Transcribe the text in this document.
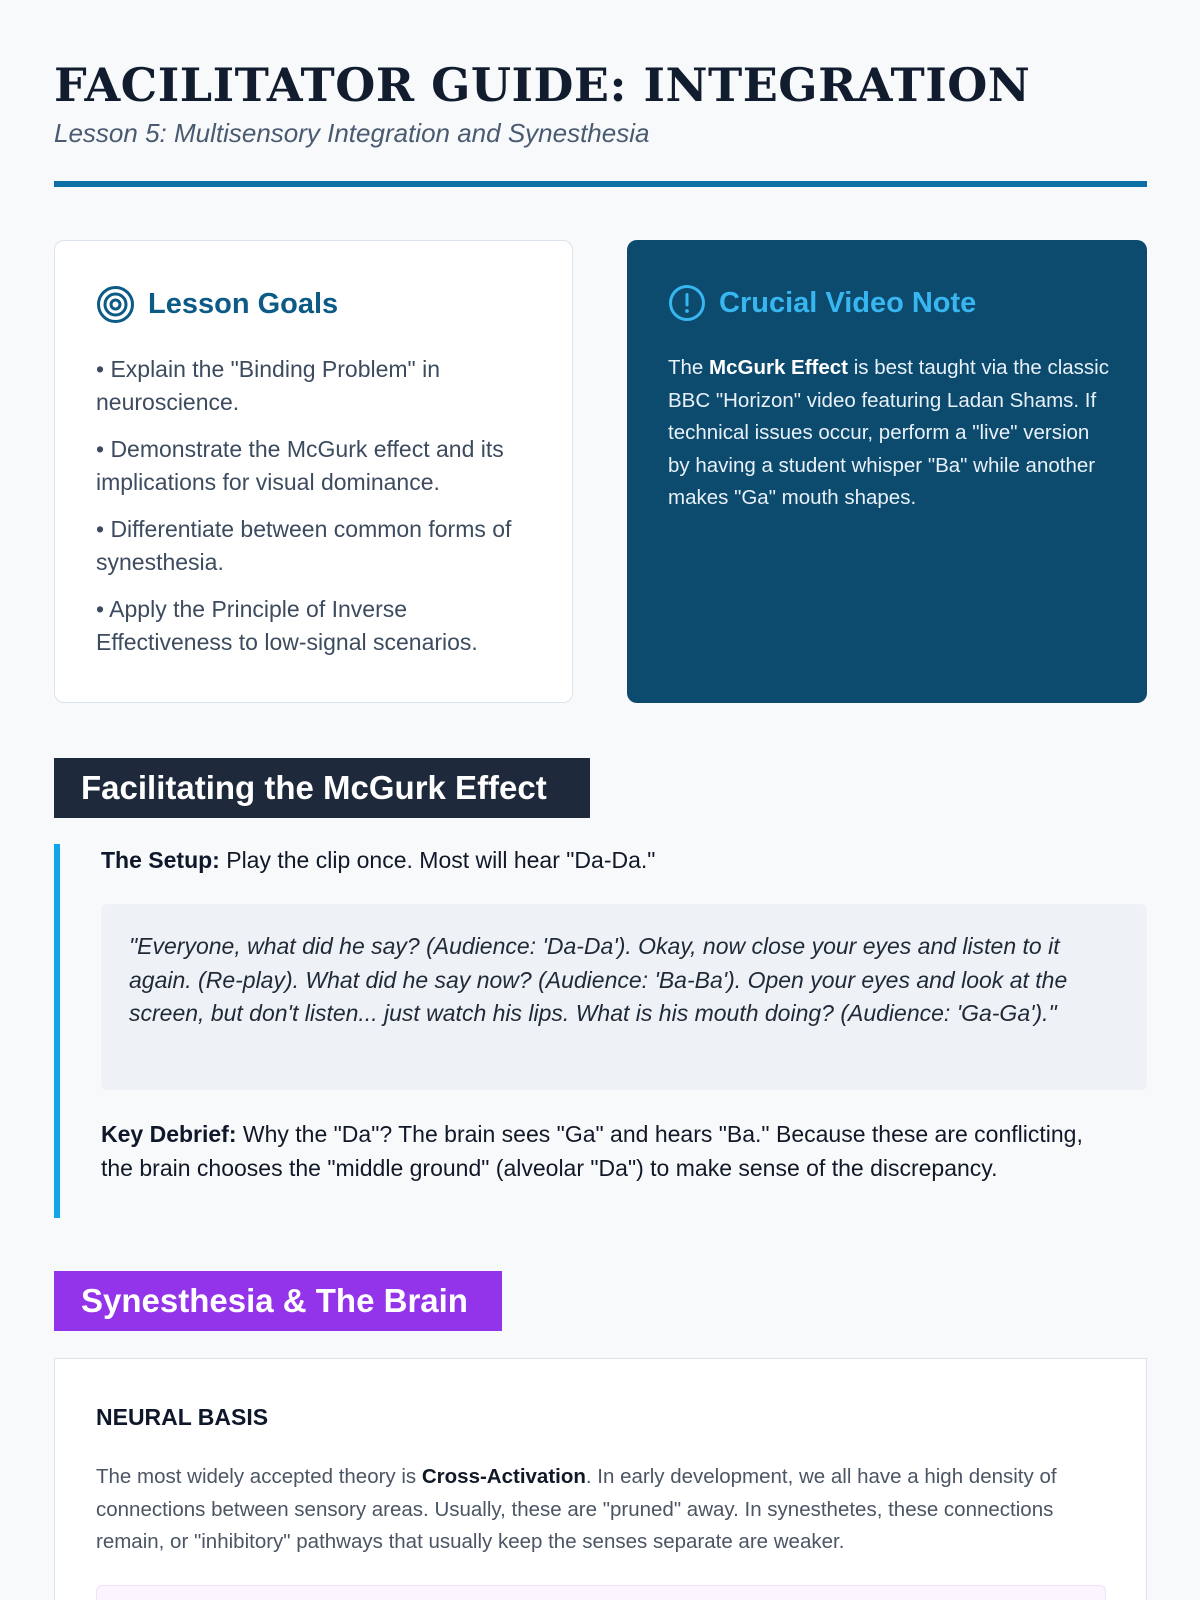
FACILITATOR GUIDE: INTEGRATION
Lesson 5: Multisensory Integration and Synesthesia
Lesson Goals
• Explain the "Binding Problem" in neuroscience.
• Demonstrate the McGurk effect and its implications for visual dominance.
• Differentiate between common forms of synesthesia.
• Apply the Principle of Inverse Effectiveness to low-signal scenarios.
Crucial Video Note

The McGurk Effect is best taught via the classic BBC "Horizon" video featuring Ladan Shams. If technical issues occur, perform a "live" version by having a student whisper "Ba" while another makes "Ga" mouth shapes.

Facilitating the McGurk Effect

The Setup: Play the clip once. Most will hear "Da-Da."

"Everyone, what did he say? (Audience: 'Da-Da'). Okay, now close your eyes and listen to it again. (Re-play). What did he say now? (Audience: 'Ba-Ba'). Open your eyes and look at the screen, but don't listen... just watch his lips. What is his mouth doing? (Audience: 'Ga-Ga')."

Key Debrief: Why the "Da"? The brain sees "Ga" and hears "Ba." Because these are conflicting, the brain chooses the "middle ground" (alveolar "Da") to make sense of the discrepancy.

Synesthesia & The Brain
NEURAL BASIS

The most widely accepted theory is Cross-Activation. In early development, we all have a high density of connections between sensory areas. Usually, these are "pruned" away. In synesthetes, these connections remain, or "inhibitory" pathways that usually keep the senses separate are weaker.
